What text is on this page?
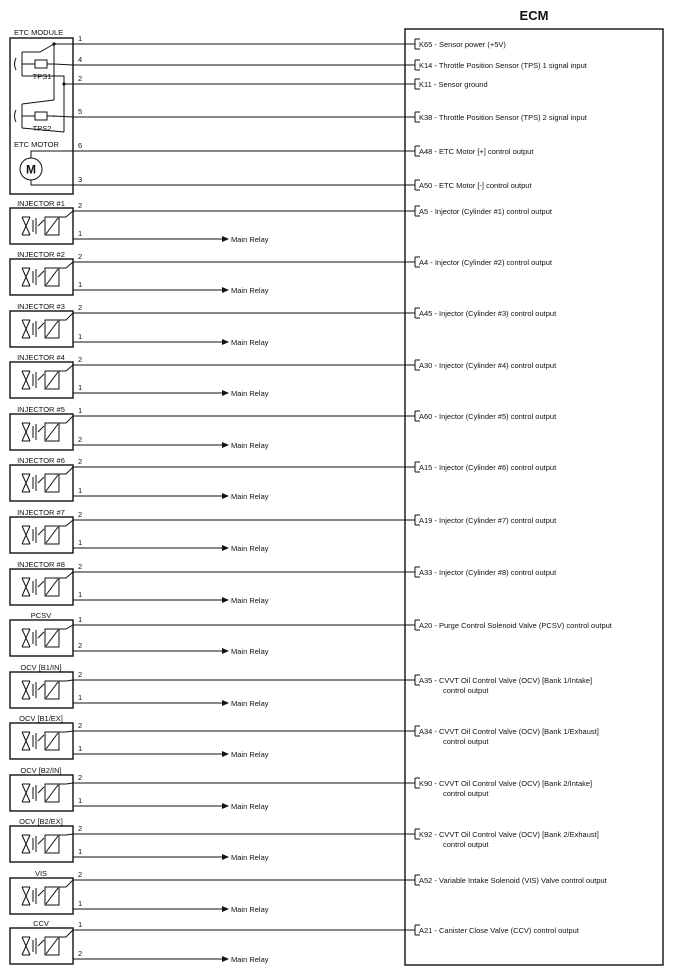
ECM
ETC MODULE
TPS1
TPS2
ETC MOTOR
M
1
K65 - Sensor power (+5V)
4
K14 - Throttle Position Sensor (TPS) 1 signal input
2
K11 - Sensor ground
5
K38 - Throttle Position Sensor (TPS) 2 signal input
6
A48 - ETC Motor [+] control output
3
A50 - ETC Motor [-] control output
INJECTOR #1 2
1
Main Relay
A5 - Injector (Cylinder #1) control output
INJECTOR #2 2
1
Main Relay
A4 - Injector (Cylinder #2) control output
INJECTOR #3 2
1
Main Relay
A45 - Injector (Cylinder #3) control output
INJECTOR #4 2
1
Main Relay
A30 - Injector (Cylinder #4) control output
INJECTOR #5 1
2
Main Relay
A60 - Injector (Cylinder #5) control output
INJECTOR #6 2
1
Main Relay
A15 - Injector (Cylinder #6) control output
INJECTOR #7 2
1
Main Relay
A19 - Injector (Cylinder #7) control output
INJECTOR #8 2
1
Main Relay
A33 - Injector (Cylinder #8) control output
PCSV	1
2
Main Relay
A20 - Purge Control Solenoid Valve (PCSV) control output
OCV [B1/IN]
2
1
Main Relay
A35 - CVVT Oil Control Valve (OCV) [Bank 1/Intake]
control output
OCV [B1/EX]
2
1
Main Relay
A34 - CVVT Oil Control Valve (OCV) [Bank 1/Exhaust]
control output
OCV [B2/IN]
2
1
Main Relay
K90 - CVVT Oil Control Valve (OCV) [Bank 2/Intake]
control output
OCV [B2/EX]
2
1
Main Relay
K92 - CVVT Oil Control Valve (OCV) [Bank 2/Exhaust]
control output
VIS	2
1
Main Relay
A52 - Variable Intake Solenoid (VIS) Valve control output
CCV	1
2
Main Relay
A21 - Canister Close Valve (CCV) control output
